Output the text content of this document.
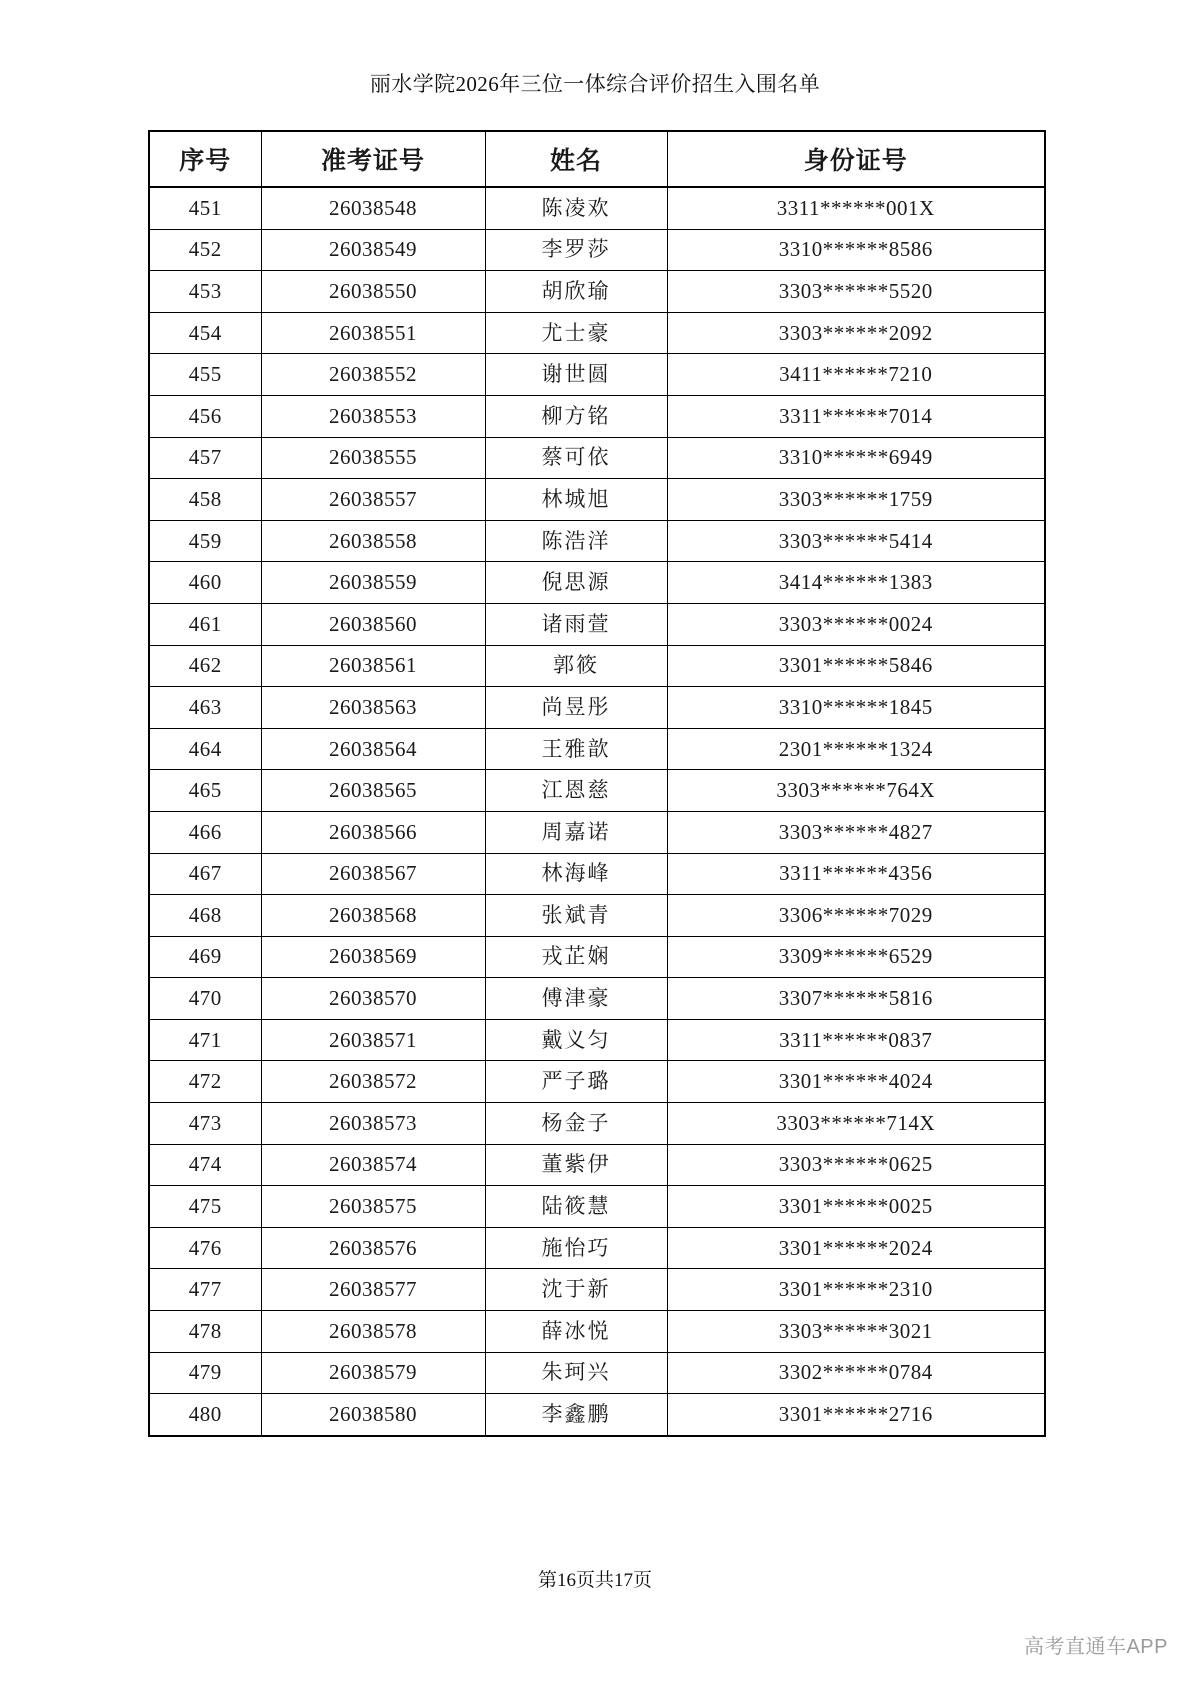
丽水学院2026年三位一体综合评价招生入围名单
序号	准考证号	姓名	身份证号
451	26038548	陈凌欢	3311******001X
452	26038549	李罗莎	3310******8586
453	26038550	胡欣瑜	3303******5520
454	26038551	尤士豪	3303******2092
455	26038552	谢世圆	3411******7210
456	26038553	柳方铭	3311******7014
457	26038555	蔡可依	3310******6949
458	26038557	林城旭	3303******1759
459	26038558	陈浩洋	3303******5414
460	26038559	倪思源	3414******1383
461	26038560	诸雨萱	3303******0024
462	26038561	郭筱	3301******5846
463	26038563	尚昱彤	3310******1845
464	26038564	王雅歆	2301******1324
465	26038565	江恩慈	3303******764X
466	26038566	周嘉诺	3303******4827
467	26038567	林海峰	3311******4356
468	26038568	张斌青	3306******7029
469	26038569	戎芷娴	3309******6529
470	26038570	傅津豪	3307******5816
471	26038571	戴义匀	3311******0837
472	26038572	严子璐	3301******4024
473	26038573	杨金子	3303******714X
474	26038574	董紫伊	3303******0625
475	26038575	陆筱慧	3301******0025
476	26038576	施怡巧	3301******2024
477	26038577	沈于新	3301******2310
478	26038578	薛冰悦	3303******3021
479	26038579	朱珂兴	3302******0784
480	26038580	李鑫鹏	3301******2716
第16页共17页
高考直通车APP
